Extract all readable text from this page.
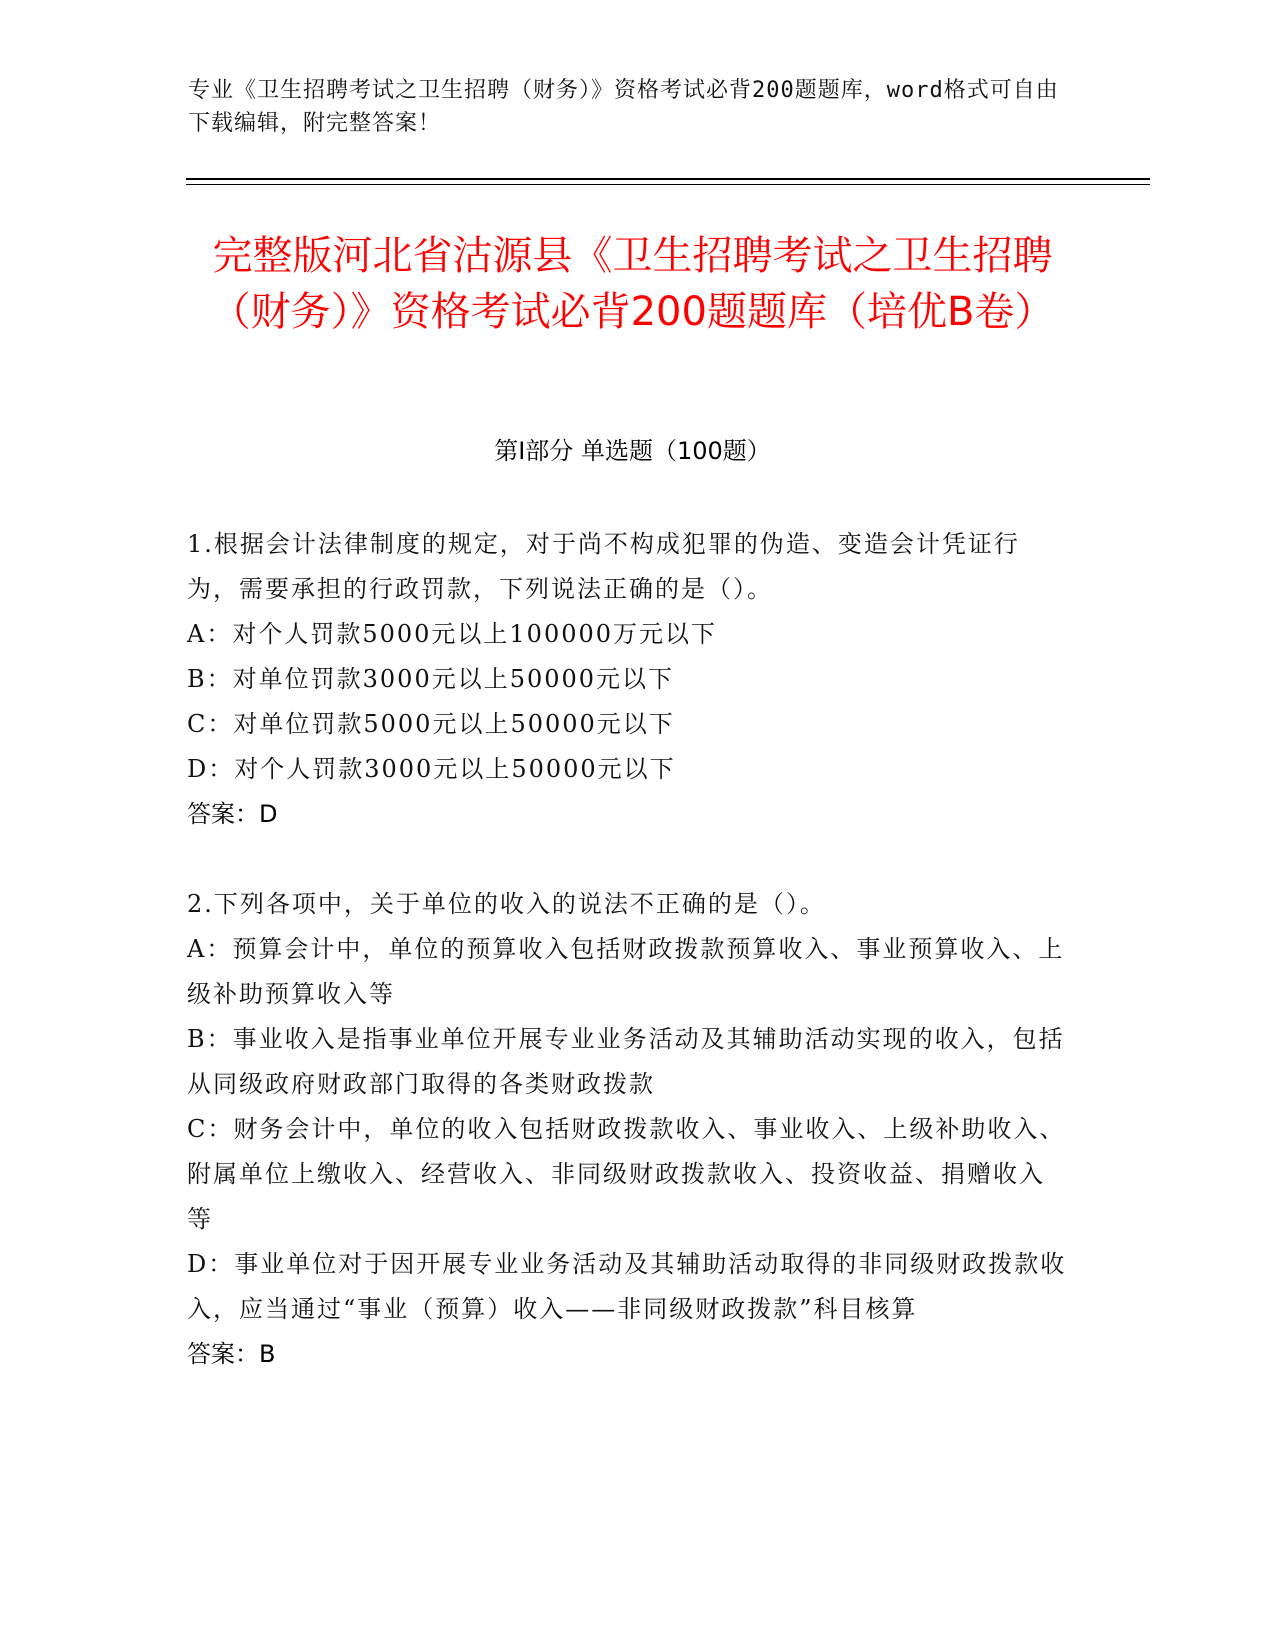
专业《卫生招聘考试之卫生招聘（财务）》资格考试必背200题题库，word格式可自由下载编辑，附完整答案！
完整版河北省沽源县《卫生招聘考试之卫生招聘（财务）》资格考试必背200题题库（培优B卷）
第Ⅰ部分 单选题（100题）

1.根据会计法律制度的规定，对于尚不构成犯罪的伪造、变造会计凭证行为，需要承担的行政罚款，下列说法正确的是（）。

A：对个人罚款5000元以上100000万元以下

B：对单位罚款3000元以上50000元以下

C：对单位罚款5000元以上50000元以下

D：对个人罚款3000元以上50000元以下

答案：D

2.下列各项中，关于单位的收入的说法不正确的是（）。

A：预算会计中，单位的预算收入包括财政拨款预算收入、事业预算收入、上级补助预算收入等

B：事业收入是指事业单位开展专业业务活动及其辅助活动实现的收入，包括从同级政府财政部门取得的各类财政拨款

C：财务会计中，单位的收入包括财政拨款收入、事业收入、上级补助收入、附属单位上缴收入、经营收入、非同级财政拨款收入、投资收益、捐赠收入等

D：事业单位对于因开展专业业务活动及其辅助活动取得的非同级财政拨款收入，应当通过“事业（预算）收入——非同级财政拨款”科目核算

答案：B
